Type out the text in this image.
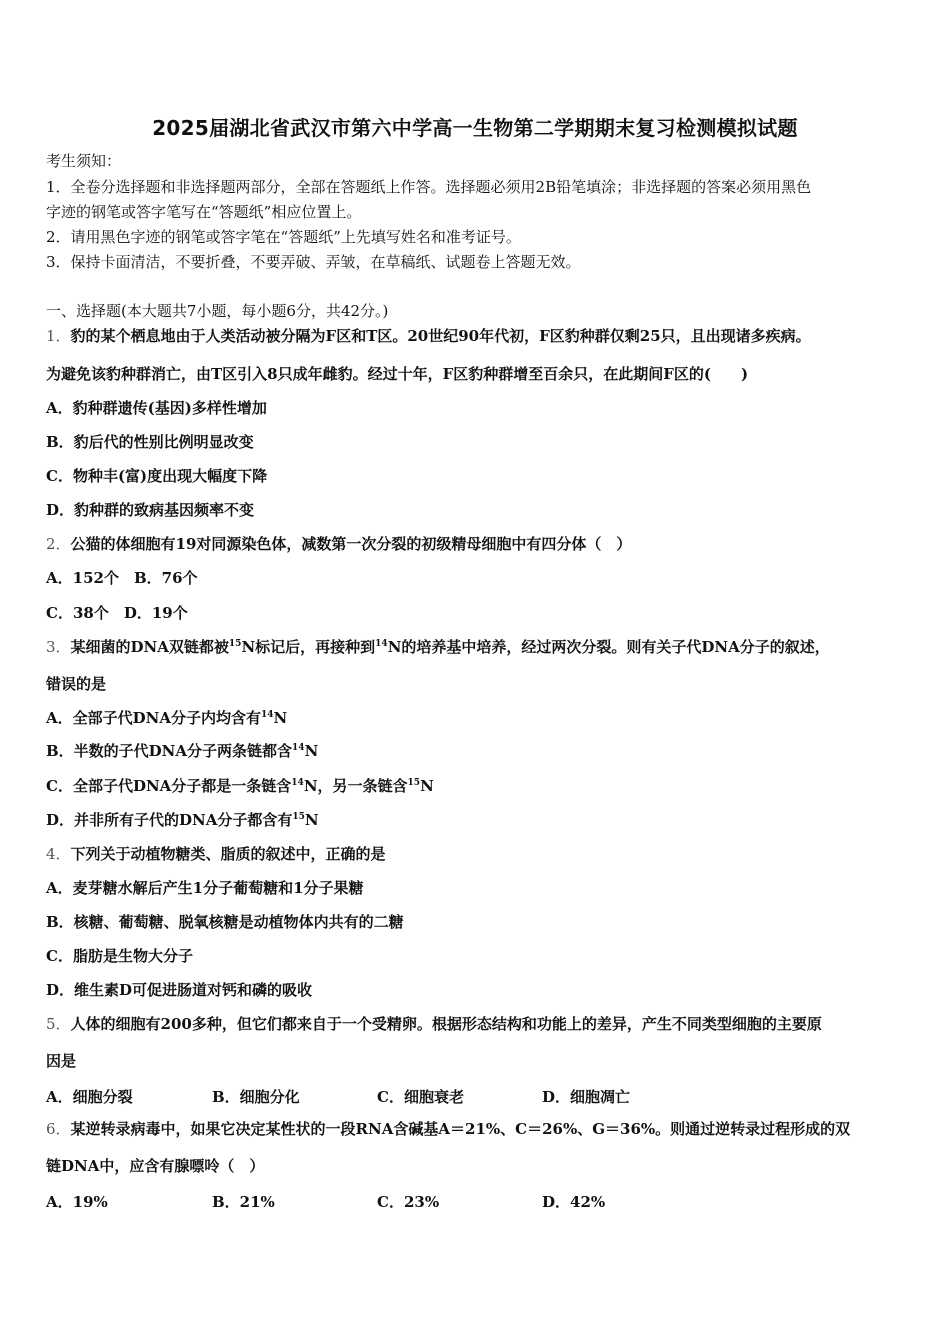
2025届湖北省武汉市第六中学高一生物第二学期期末复习检测模拟试题
考生须知：
1．全卷分选择题和非选择题两部分，全部在答题纸上作答。选择题必须用2B铅笔填涂；非选择题的答案必须用黑色
字迹的钢笔或答字笔写在“答题纸”相应位置上。
2．请用黑色字迹的钢笔或答字笔在“答题纸”上先填写姓名和准考证号。
3．保持卡面清洁，不要折叠，不要弄破、弄皱，在草稿纸、试题卷上答题无效。
一、选择题(本大题共7小题，每小题6分，共42分。)
1．豹的某个栖息地由于人类活动被分隔为F区和T区。20世纪90年代初，F区豹种群仅剩25只，且出现诸多疾病。
为避免该豹种群消亡，由T区引入8只成年雌豹。经过十年，F区豹种群增至百余只，在此期间F区的(　　)
A．豹种群遗传(基因)多样性增加
B．豹后代的性别比例明显改变
C．物种丰(富)度出现大幅度下降
D．豹种群的致病基因频率不变
2．公猫的体细胞有19对同源染色体，减数第一次分裂的初级精母细胞中有四分体（　）
A．152个　B．76个
C．38个　D．19个
3．某细菌的DNA双链都被$^{15}$N标记后，再接种到$^{14}$N的培养基中培养，经过两次分裂。则有关子代DNA分子的叙述，
错误的是
A．全部子代DNA分子内均含有$^{14}$N
B．半数的子代DNA分子两条链都含$^{14}$N
C．全部子代DNA分子都是一条链含$^{14}$N，另一条链含$^{15}$N
D．并非所有子代的DNA分子都含有$^{15}$N
4．下列关于动植物糖类、脂质的叙述中，正确的是
A．麦芽糖水解后产生1分子葡萄糖和1分子果糖
B．核糖、葡萄糖、脱氧核糖是动植物体内共有的二糖
C．脂肪是生物大分子
D．维生素D可促进肠道对钙和磷的吸收
5．人体的细胞有200多种，但它们都来自于一个受精卵。根据形态结构和功能上的差异，产生不同类型细胞的主要原
因是
A．细胞分裂	B．细胞分化	C．细胞衰老	D．细胞凋亡
6．某逆转录病毒中，如果它决定某性状的一段RNA含碱基A＝21%、C＝26%、G＝36%。则通过逆转录过程形成的双
链DNA中，应含有腺嘌呤（　）
A．19%	B．21%	C．23%	D．42%
